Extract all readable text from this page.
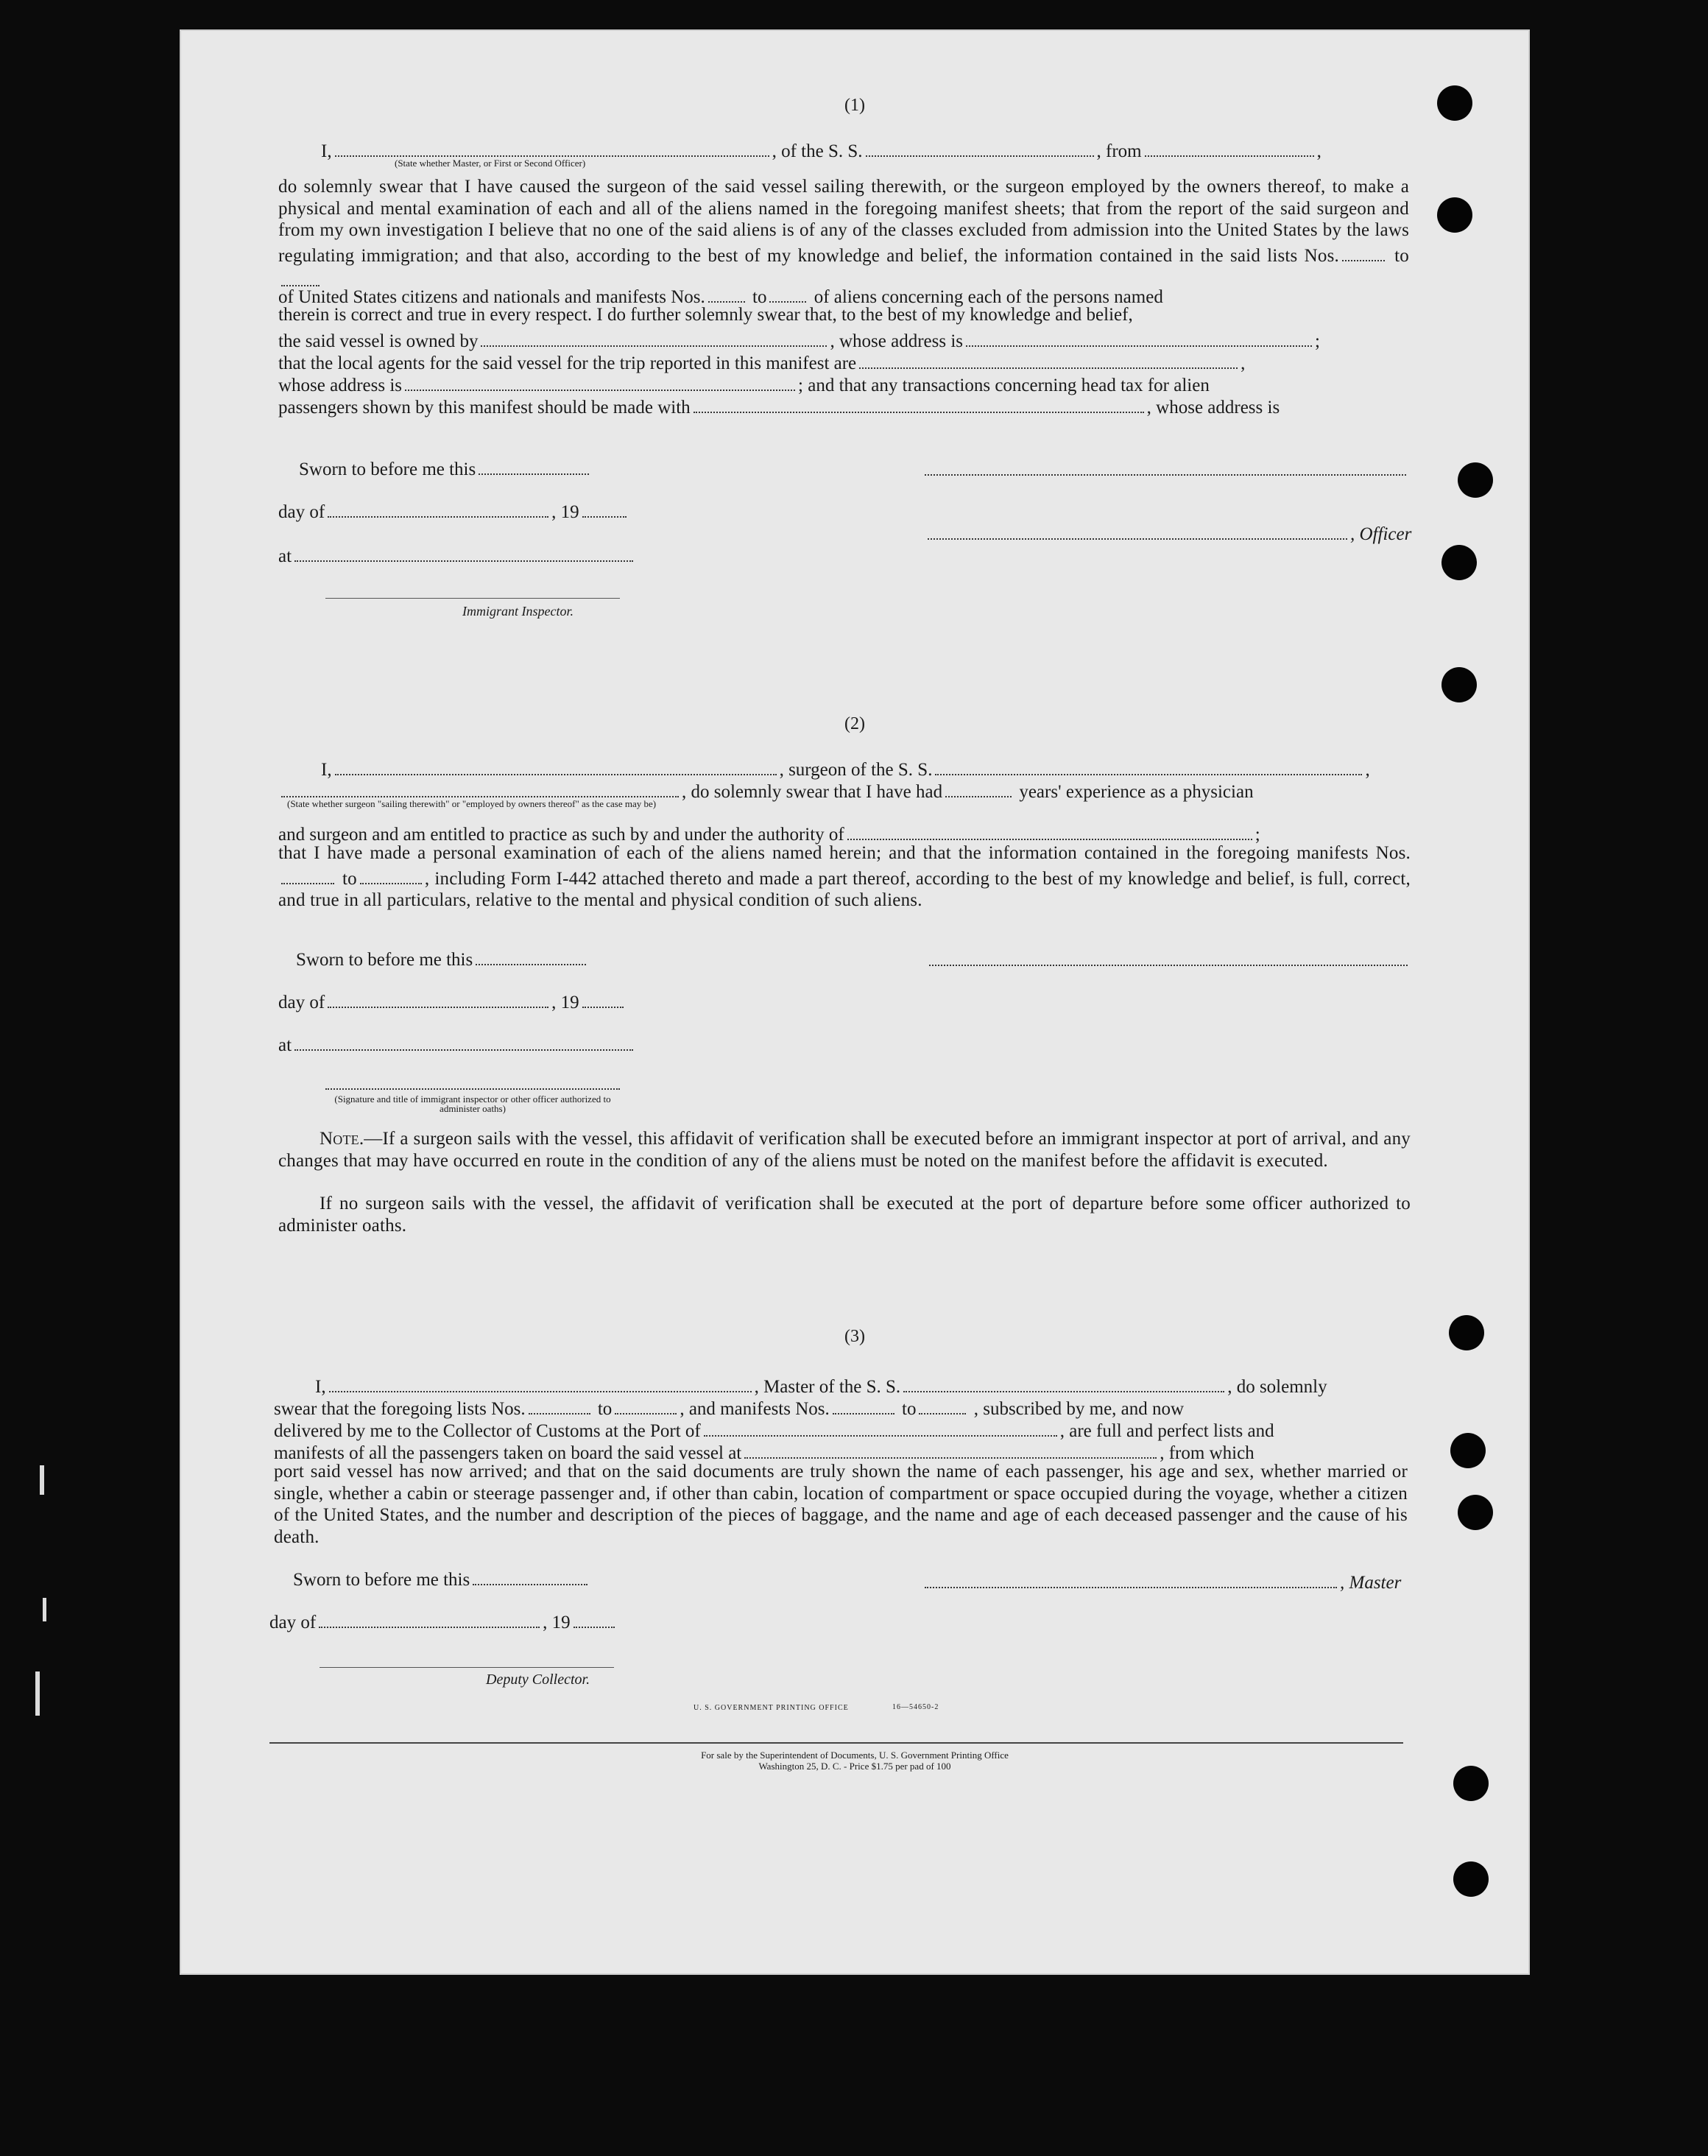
(1)
I,	, of the S. S.	, from	,
(State whether Master, or First or Second Officer)
do solemnly swear that I have caused the surgeon of the said vessel sailing therewith, or the surgeon employed by the owners thereof, to make a physical and mental examination of each and all of the aliens named in the foregoing manifest sheets; that from the report of the said surgeon and from my own investigation I believe that no one of the said aliens is of any of the classes excluded from admission into the United States by the laws regulating immigration; and that also, according to the best of my knowledge and belief, the information contained in the said lists Nos.	to
of United States citizens and nationals and manifests Nos.	to	of aliens concerning each of the persons named
therein is correct and true in every respect. I do further solemnly swear that, to the best of my knowledge and belief,
the said vessel is owned by	, whose address is	;
that the local agents for the said vessel for the trip reported in this manifest are	,
whose address is	; and that any transactions concerning head tax for alien
passengers shown by this manifest should be made with	, whose address is
Sworn to before me this
day of	, 19
, Officer
at
Immigrant Inspector.
(2)
I,	, surgeon of the S. S.	,
, do solemnly swear that I have had	years' experience as a physician
(State whether surgeon "sailing therewith" or "employed by owners thereof" as the case may be)
and surgeon and am entitled to practice as such by and under the authority of	;
that I have made a personal examination of each of the aliens named herein; and that the information contained in the foregoing manifests Nos. to	, including Form I-442 attached thereto and made a part thereof, according to the best of my knowledge and belief, is full, correct, and true in all particulars, relative to the mental and physical condition of such aliens.
Sworn to before me this
day of	, 19
at
(Signature and title of immigrant inspector or other officer authorized to administer oaths)
Note.—If a surgeon sails with the vessel, this affidavit of verification shall be executed before an immigrant inspector at port of arrival, and any changes that may have occurred en route in the condition of any of the aliens must be noted on the manifest before the affidavit is executed.
If no surgeon sails with the vessel, the affidavit of verification shall be executed at the port of departure before some officer authorized to administer oaths.
(3)
I,	, Master of the S. S.	, do solemnly
swear that the foregoing lists Nos.	to	, and manifests Nos.	to	, subscribed by me, and now
delivered by me to the Collector of Customs at the Port of	, are full and perfect lists and
manifests of all the passengers taken on board the said vessel at	, from which
port said vessel has now arrived; and that on the said documents are truly shown the name of each passenger, his age and sex, whether married or single, whether a cabin or steerage passenger and, if other than cabin, location of compartment or space occupied during the voyage, whether a citizen of the United States, and the number and description of the pieces of baggage, and the name and age of each deceased passenger and the cause of his death.
Sworn to before me this	, Master
day of	, 19
Deputy Collector.
U. S. GOVERNMENT PRINTING OFFICE	16—54650-2
For sale by the Superintendent of Documents, U. S. Government Printing Office
Washington 25, D. C. - Price $1.75 per pad of 100
